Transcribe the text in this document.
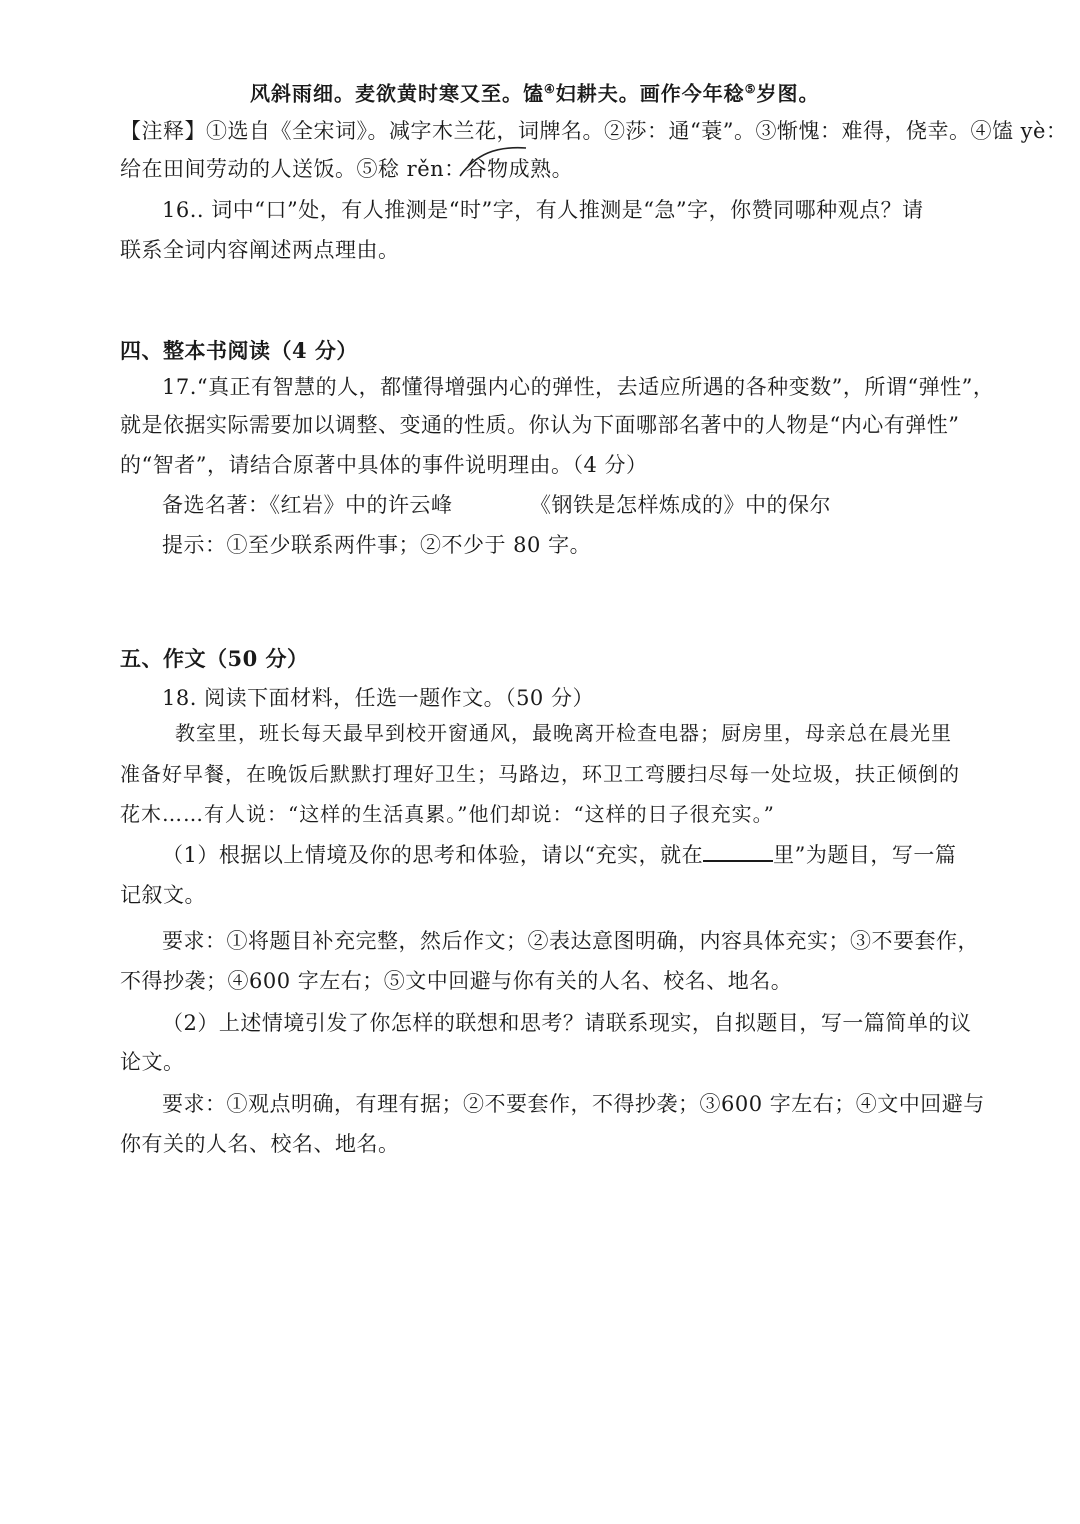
风斜雨细。麦欲黄时寒又至。馌④妇耕夫。画作今年稔⑤岁图。
【注释】①选自《全宋词》。减字木兰花，词牌名。②莎：通“蓑”。③惭愧：难得，侥幸。④馌 yè：
给在田间劳动的人送饭。⑤稔 rěn：谷物成熟。
16.. 词中“口”处，有人推测是“时”字，有人推测是“急”字，你赞同哪种观点？请
联系全词内容阐述两点理由。
四、整本书阅读（4 分）
17.“真正有智慧的人，都懂得增强内心的弹性，去适应所遇的各种变数”，所谓“弹性”，
就是依据实际需要加以调整、变通的性质。你认为下面哪部名著中的人物是“内心有弹性”
的“智者”，请结合原著中具体的事件说明理由。（4 分）
备选名著：《红岩》中的许云峰	《钢铁是怎样炼成的》中的保尔
提示：①至少联系两件事；②不少于 80 字。
五、作文（50 分）
18. 阅读下面材料，任选一题作文。（50 分）
教室里，班长每天最早到校开窗通风，最晚离开检查电器；厨房里，母亲总在晨光里
准备好早餐，在晚饭后默默打理好卫生；马路边，环卫工弯腰扫尽每一处垃圾，扶正倾倒的
花木……有人说：“这样的生活真累。”他们却说：“这样的日子很充实。”
（1）根据以上情境及你的思考和体验，请以“充实，就在	里”为题目，写一篇
记叙文。
要求：①将题目补充完整，然后作文；②表达意图明确，内容具体充实；③不要套作，
不得抄袭；④600 字左右；⑤文中回避与你有关的人名、校名、地名。
（2）上述情境引发了你怎样的联想和思考？请联系现实，自拟题目，写一篇简单的议
论文。
要求：①观点明确，有理有据；②不要套作，不得抄袭；③600 字左右；④文中回避与
你有关的人名、校名、地名。
